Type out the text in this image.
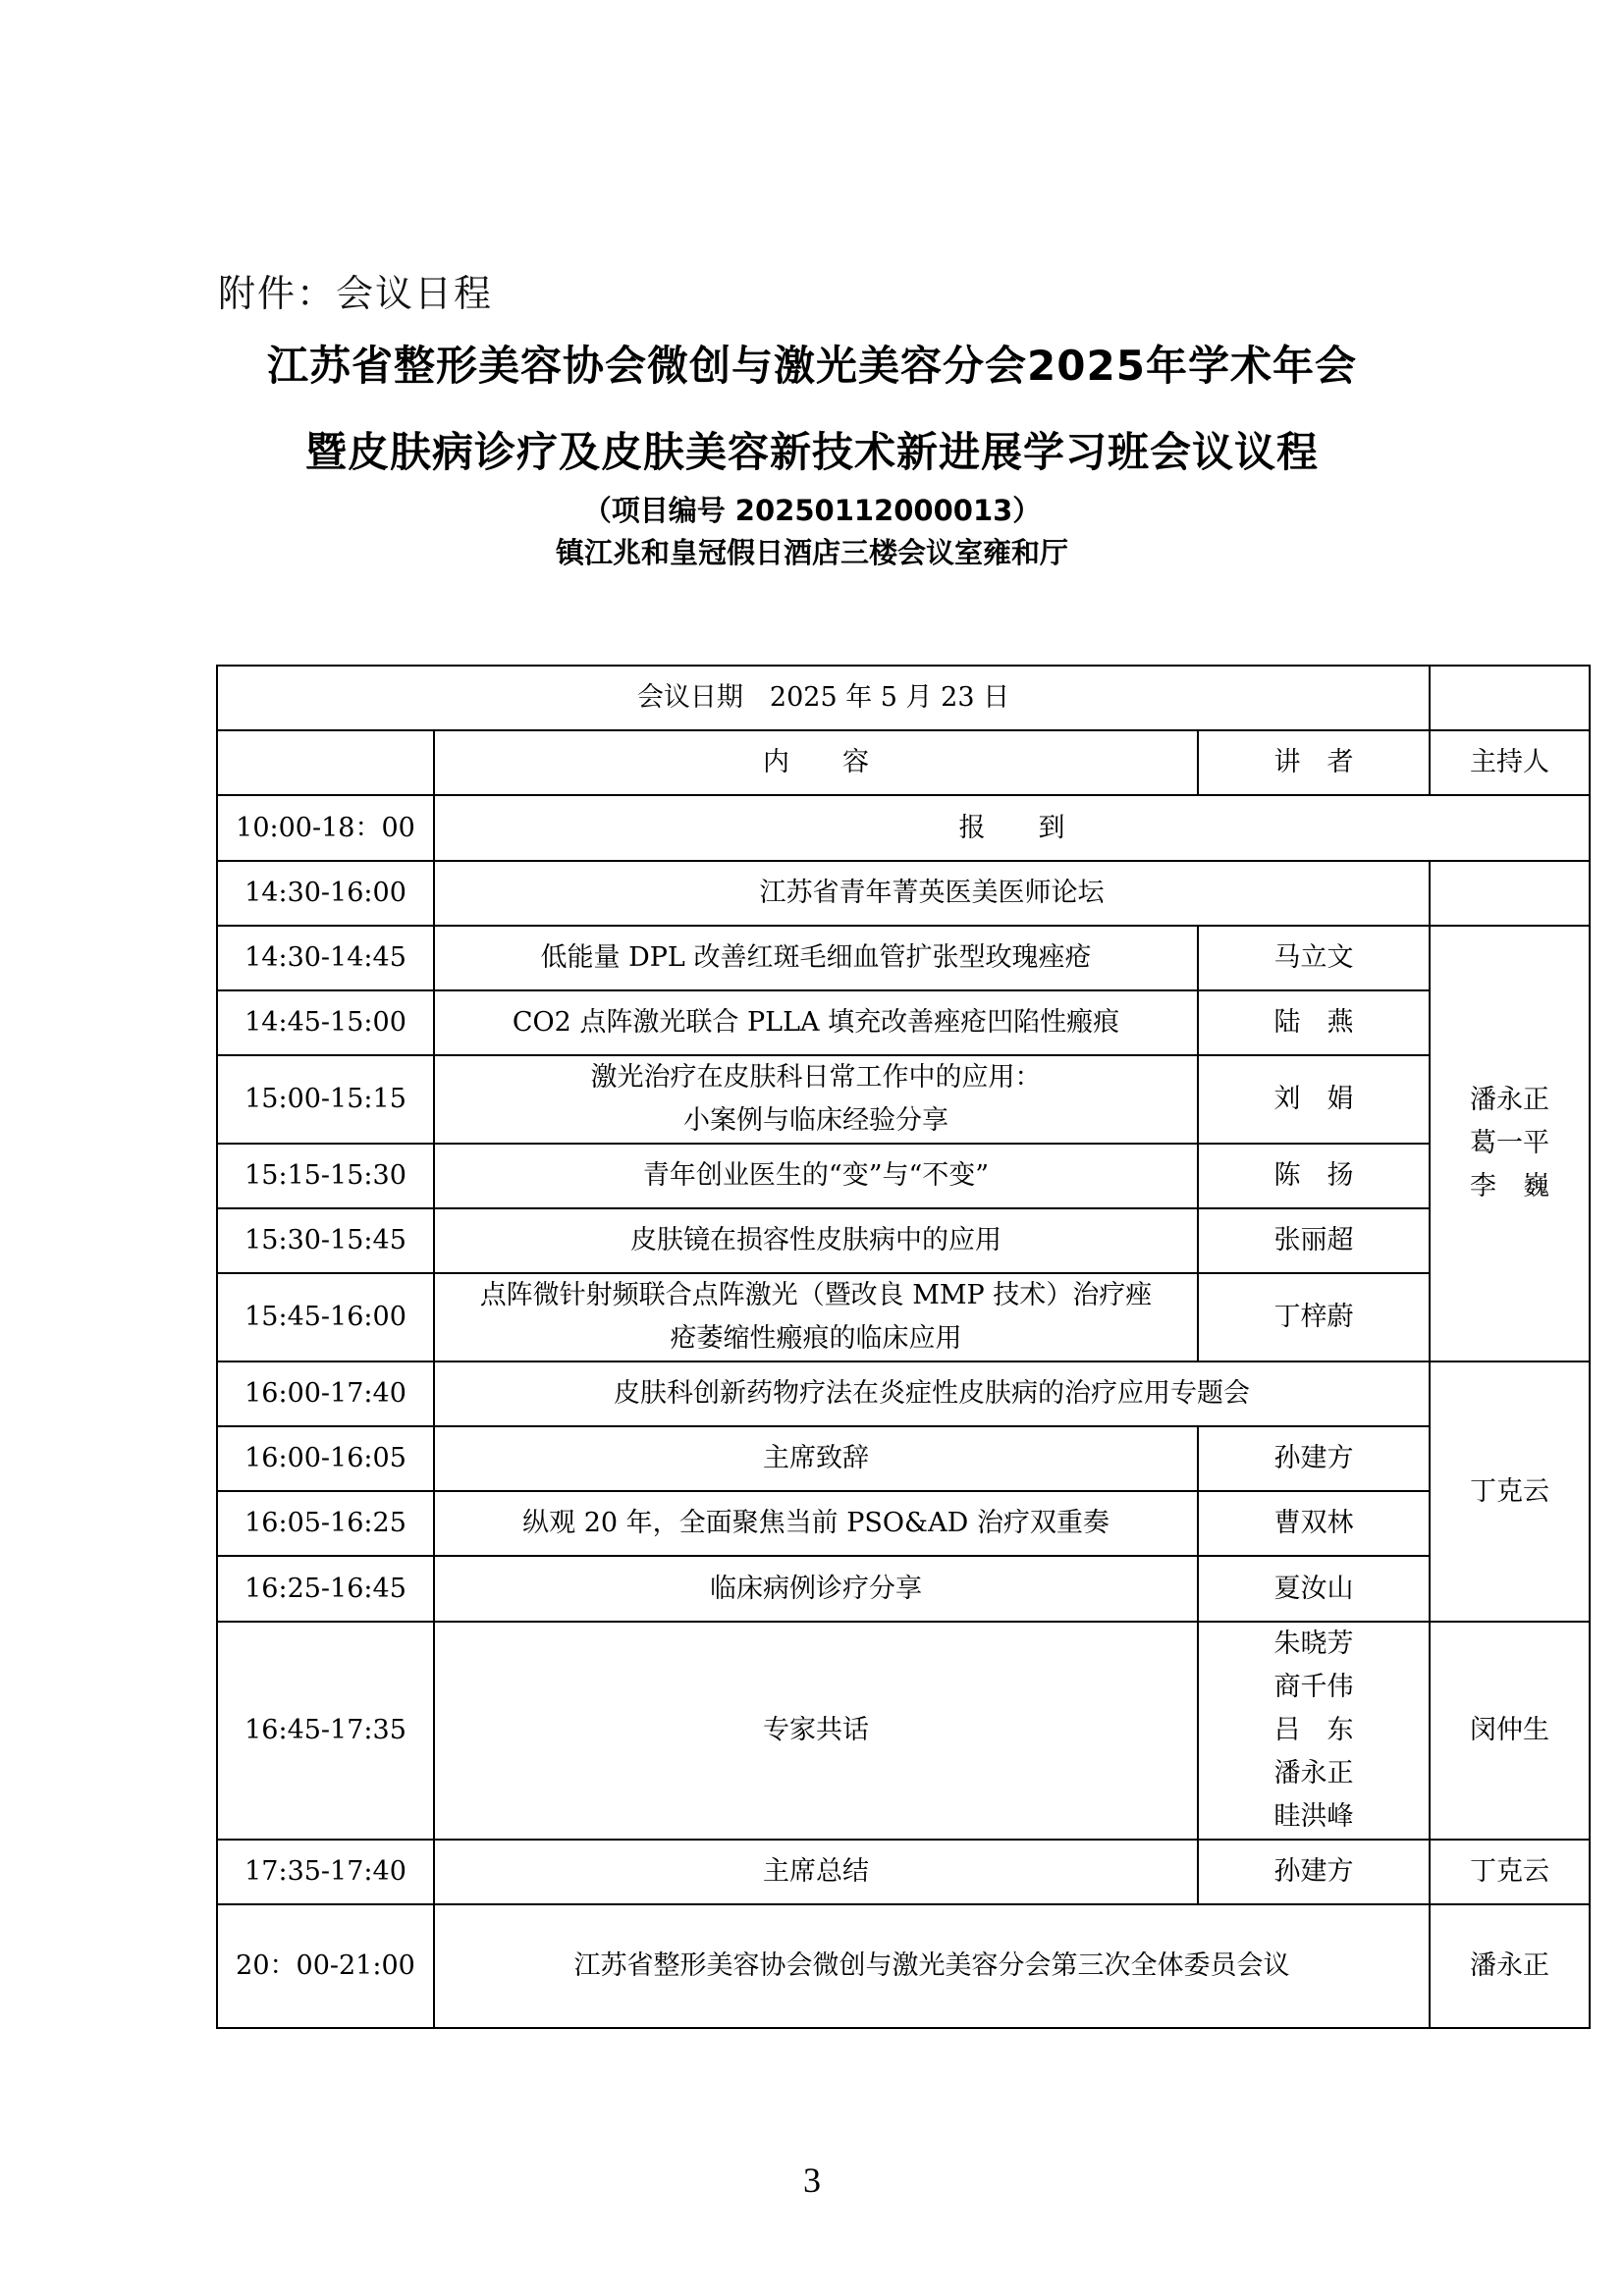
附件：会议日程
江苏省整形美容协会微创与激光美容分会2025年学术年会
暨皮肤病诊疗及皮肤美容新技术新进展学习班会议议程
（项目编号 20250112000013）
镇江兆和皇冠假日酒店三楼会议室雍和厅
会议日期　2025 年 5 月 23 日			
	内　　容	讲　者	主持人
10:00-18：00	报　　到		
14:30-16:00	江苏省青年菁英医美医师论坛		
14:30-14:45	低能量 DPL 改善红斑毛细血管扩张型玫瑰痤疮	马立文	潘永正
葛一平
李　巍

14:45-15:00	CO2 点阵激光联合 PLLA 填充改善痤疮凹陷性瘢痕	陆　燕	
15:00-15:15	激光治疗在皮肤科日常工作中的应用：
小案例与临床经验分享	刘　娟	
15:15-15:30	青年创业医生的“变”与“不变”	陈　扬	
15:30-15:45	皮肤镜在损容性皮肤病中的应用	张丽超	
15:45-16:00	点阵微针射频联合点阵激光（暨改良 MMP 技术）治疗痤
疮萎缩性瘢痕的临床应用	丁梓蔚	
16:00-17:40	皮肤科创新药物疗法在炎症性皮肤病的治疗应用专题会		丁克云
16:00-16:05	主席致辞	孙建方	
16:05-16:25	纵观 20 年，全面聚焦当前 PSO&AD 治疗双重奏	曹双林	
16:25-16:45	临床病例诊疗分享	夏汝山	
16:45-17:35	专家共话	朱晓芳
商千伟
吕　东
潘永正
眭洪峰	闵仲生
17:35-17:40	主席总结	孙建方	丁克云
20：00-21:00	江苏省整形美容协会微创与激光美容分会第三次全体委员会议		潘永正
3
